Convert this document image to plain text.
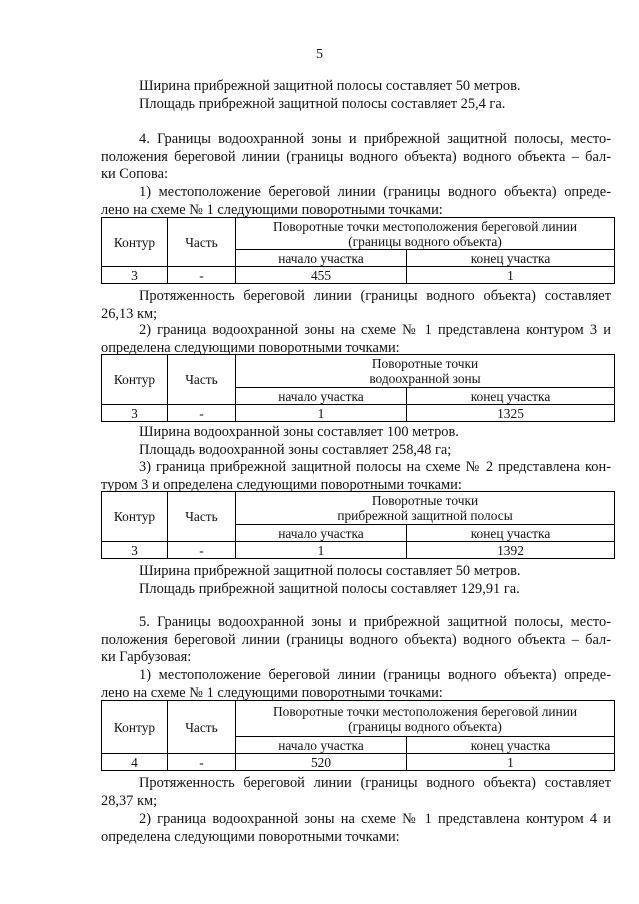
5

Ширина прибрежной защитной полосы составляет 50 метров.

Площадь прибрежной защитной полосы составляет 25,4 га.

4. Границы водоохранной зоны и прибрежной защитной полосы, место-

положения береговой линии (границы водного объекта) водного объекта – бал-

ки Сопова:

1) местоположение береговой линии (границы водного объекта) опреде-

лено на схеме № 1 следующими поворотными точками:

Контур	Часть	Поворотные точки местоположения береговой линии
(границы водного объекта)	

		начало участка	конец участка
3	-	455	1

Протяженность береговой линии (границы водного объекта) составляет

26,13 км;

2) граница водоохранной зоны на схеме № 1 представлена контуром 3 и

определена следующими поворотными точками:

Контур	Часть	Поворотные точки
водоохранной зоны	

		начало участка	конец участка
3	-	1	1325

Ширина водоохранной зоны составляет 100 метров.

Площадь водоохранной зоны составляет 258,48 га;

3) граница прибрежной защитной полосы на схеме № 2 представлена кон-

туром 3 и определена следующими поворотными точками:

Контур	Часть	Поворотные точки
прибрежной защитной полосы	

		начало участка	конец участка
3	-	1	1392

Ширина прибрежной защитной полосы составляет 50 метров.

Площадь прибрежной защитной полосы составляет 129,91 га.

5. Границы водоохранной зоны и прибрежной защитной полосы, место-

положения береговой линии (границы водного объекта) водного объекта – бал-

ки Гарбузовая:

1) местоположение береговой линии (границы водного объекта) опреде-

лено на схеме № 1 следующими поворотными точками:

Контур	Часть	Поворотные точки местоположения береговой линии
(границы водного объекта)	

		начало участка	конец участка
4	-	520	1

Протяженность береговой линии (границы водного объекта) составляет

28,37 км;

2) граница водоохранной зоны на схеме № 1 представлена контуром 4 и

определена следующими поворотными точками:
